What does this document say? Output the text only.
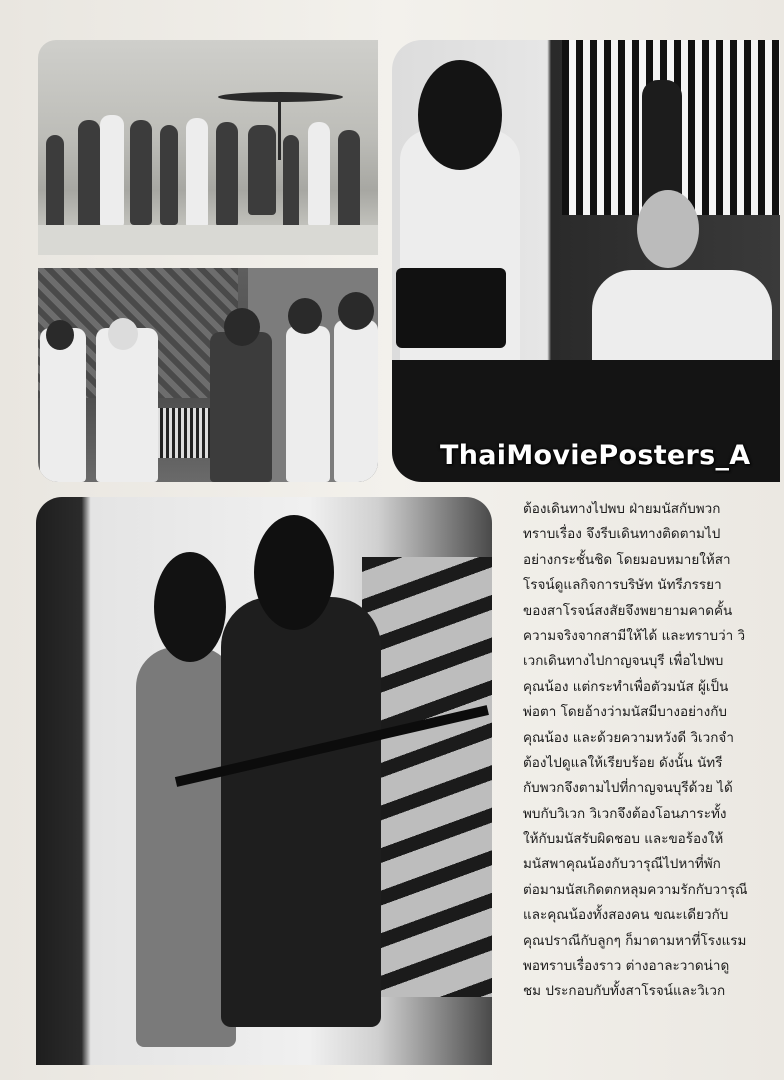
ThaiMoviePosters_A
ต้องเดินทางไปพบ ฝ่ายมนัสกับพวก
ทราบเรื่อง จึงรีบเดินทางติดตามไป
อย่างกระชั้นชิด โดยมอบหมายให้สา
โรจน์ดูแลกิจการบริษัท นัทรีภรรยา
ของสาโรจน์สงสัยจึงพยายามคาดคั้น
ความจริงจากสามีให้ได้ และทราบว่า วิ
เวกเดินทางไปกาญจนบุรี เพื่อไปพบ
คุณน้อง แต่กระทำเพื่อตัวมนัส ผู้เป็น
พ่อตา โดยอ้างว่ามนัสมีบางอย่างกับ
คุณน้อง และด้วยความหวังดี วิเวกจำ
ต้องไปดูแลให้เรียบร้อย ดังนั้น นัทรี
กับพวกจึงตามไปที่กาญจนบุรีด้วย ได้
พบกับวิเวก วิเวกจึงต้องโอนภาระทั้ง
ให้กับมนัสรับผิดชอบ และขอร้องให้
มนัสพาคุณน้องกับวารุณีไปหาที่พัก
ต่อมามนัสเกิดตกหลุมความรักกับวารุณี
และคุณน้องทั้งสองคน ขณะเดียวกับ
คุณปราณีกับลูกๆ ก็มาตามหาที่โรงแรม
พอทราบเรื่องราว ต่างอาละวาดน่าดู
ชม ประกอบกับทั้งสาโรจน์และวิเวก
